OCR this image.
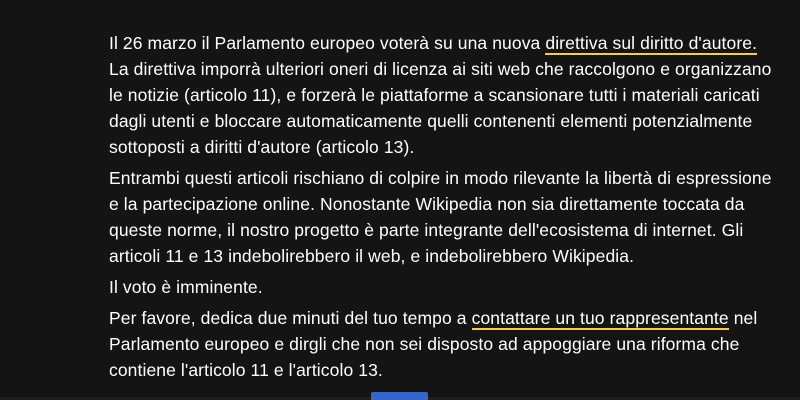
Il 26 marzo il Parlamento europeo voterà su una nuova direttiva sul diritto d'autore.
La direttiva imporrà ulteriori oneri di licenza ai siti web che raccolgono e organizzano
le notizie (articolo 11), e forzerà le piattaforme a scansionare tutti i materiali caricati
dagli utenti e bloccare automaticamente quelli contenenti elementi potenzialmente
sottoposti a diritti d'autore (articolo 13).

Entrambi questi articoli rischiano di colpire in modo rilevante la libertà di espressione
e la partecipazione online. Nonostante Wikipedia non sia direttamente toccata da
queste norme, il nostro progetto è parte integrante dell'ecosistema di internet. Gli
articoli 11 e 13 indebolirebbero il web, e indebolirebbero Wikipedia.

Il voto è imminente.

Per favore, dedica due minuti del tuo tempo a contattare un tuo rappresentante nel
Parlamento europeo e dirgli che non sei disposto ad appoggiare una riforma che
contiene l'articolo 11 e l'articolo 13.
